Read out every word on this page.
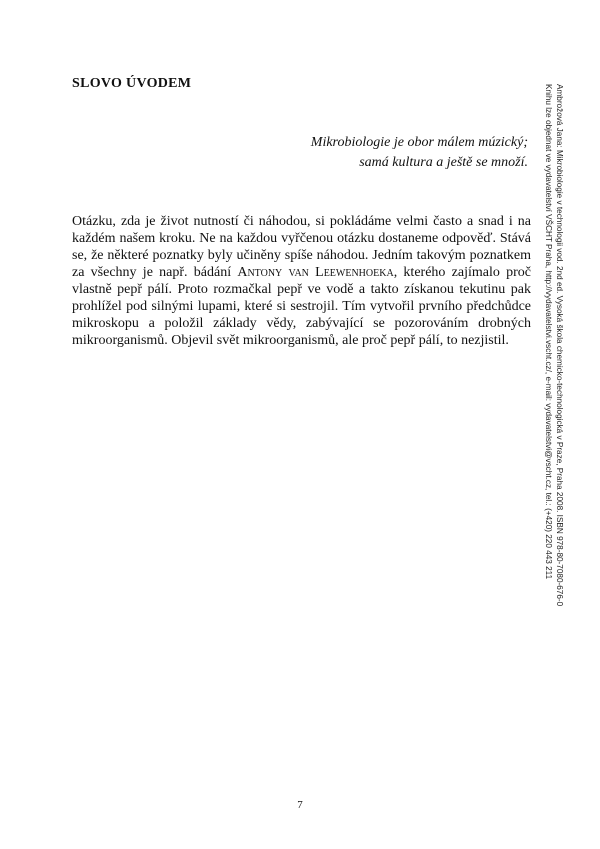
SLOVO ÚVODEM
Mikrobiologie je obor málem múzický;
samá kultura a ještě se množí.

Otázku, zda je život nutností či náhodou, si pokládáme velmi často a snad i na každém našem kroku. Ne na každou vyřčenou otázku dostaneme odpověď. Stává se, že některé poznatky byly učiněny spíše náhodou. Jedním takovým poznatkem za všechny je např. bádání Antony van Leewenhoeka, kterého zajímalo proč vlastně pepř pálí. Proto rozmačkal pepř ve vodě a takto získanou tekutinu pak prohlížel pod silnými lupami, které si sestrojil. Tím vytvořil prvního předchůdce mikroskopu a položil základy vědy, zabývající se pozorováním drobných mikroorganismů. Objevil svět mikroorganismů, ale proč pepř pálí, to nezjistil.	Ambrožová Jana: Mikrobiologie v technologii vod. 2nd ed. Vysoká škola chemicko-technologická v Praze, Praha 2008. ISBN 978-80-7080-676-0
Knihu lze objednat ve vydavatelství VŠCHT Praha, http://vydavatelstvi.vscht.cz/, e-mail: vydavatelstvi@vscht.cz, tel.: (+420) 220 443 211
7
